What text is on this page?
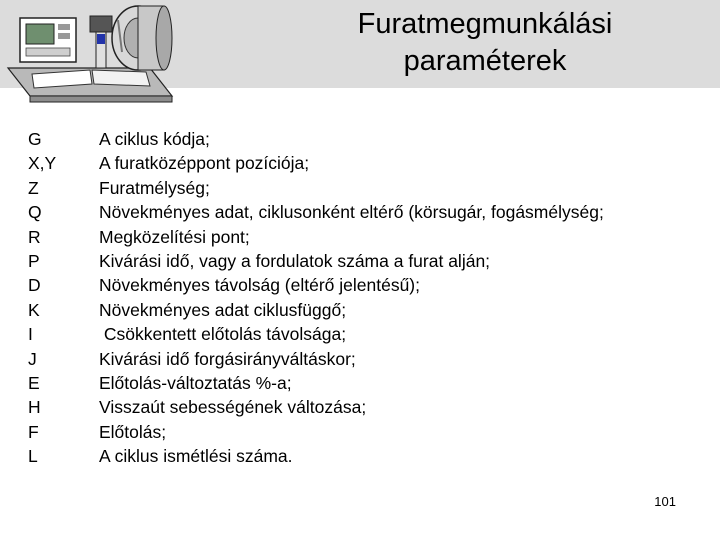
Furatmegmunkálási
paraméterek
G	A ciklus kódja;
X,Y	A furatközéppont pozíciója;
Z	Furatmélység;
Q	Növekményes adat, ciklusonként eltérő (körsugár, fogásmélység;
R	Megközelítési pont;
P	Kivárási idő, vagy a fordulatok száma a furat alján;
D	Növekményes távolság (eltérő jelentésű);
K	Növekményes adat ciklusfüggő;
I	Csökkentett előtolás távolsága;
J	Kivárási idő forgásirányváltáskor;
E	Előtolás-változtatás %-a;
H	Visszaút sebességének változása;
F	Előtolás;
L	A ciklus ismétlési száma.
101
